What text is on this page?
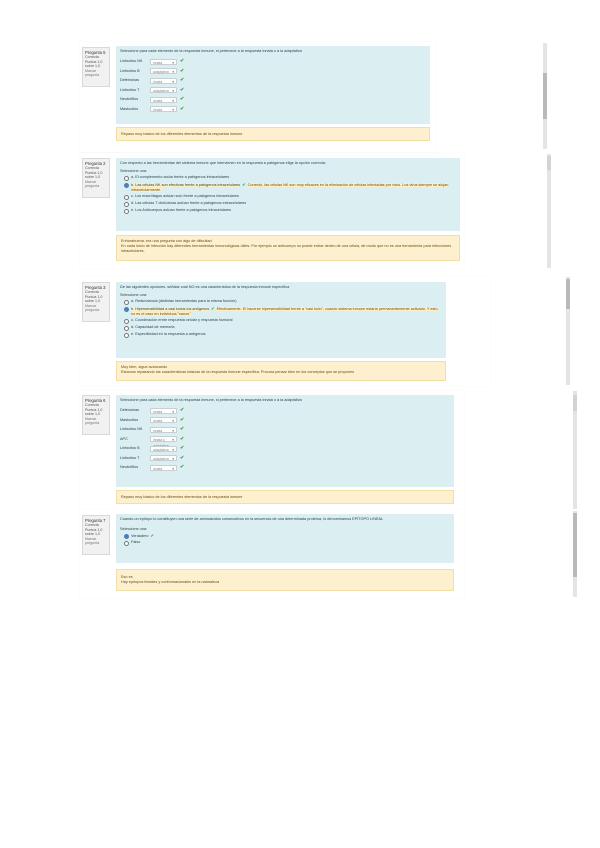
Pregunta 5
Correcta
Puntúa 1,0 sobre 1,0
Marcar pregunta
Seleccione para cada elemento de la respuesta inmune, si pertenece a la respuesta innata o a la adaptativa
Linfocitos NK	innata	▾ ✔
Linfocitos B	adaptativa ▾ ✔
Defensinas	innata	▾ ✔
Linfocitos T	adaptativa ▾ ✔
Neutrófilos	innata	▾ ✔
Mastocitos	innata	▾ ✔
Repaso muy básico de los diferentes elementos de la respuesta inmune
Pregunta 2
Correcta
Puntúa 1,0 sobre 1,0
Marcar pregunta
Con respecto a las herramientas del sistema inmune que intervienen en la respuesta a patógenos elige la opción correcta:
Seleccione una:
a. El complemento actúa frente a patógenos intracelulares
b. Las células NK son efectivas frente a patógenos intracelulares ✔ Correcto, las células NK son muy eficaces en la eliminación de células infectadas por virus. Los virus siempre se alojan intracelularmente.
c. Los macrófagos actúan solo frente a patógenos intracelulares
d. Las células T citotóxicas actúan frente a patógenos extracelulares
e. Los Anticuerpos actúan frente a patógenos intracelulares
Enhorabuena, era una pregunta con algo de dificultad
En cada inicio de infección hay diferentes herramientas inmunológicas útiles. Por ejemplo un anticuerpo no puede entrar dentro de una célula, de modo que no es una herramienta para infecciones intracelulares.
Pregunta 3
Correcta
Puntúa 1,0 sobre 1,0
Marcar pregunta
De las siguientes opciones, señalar cual NO es una característica de la respuesta inmune específica
Seleccione una:
a. Redundancia (distintas herramientas para la misma función)
b. Hipersensibilidad a casi todos los antígenos ✔ Efectivamente. El hacerse hipersensibilidad frente a "casi todo", cuando sistema inmune estaría permanentemente activado. Y esto no es el caso en individuos "sanos"
c. Coordinación entre respuesta celular y respuesta humoral
d. Capacidad de memoria
e. Especificidad en la respuesta a antígenos
Muy bien, sigue avanzando
Estamos repasando las características básicas de la respuesta inmune específica. Procura pensar bien en los conceptos que se proponen
Pregunta 6
Correcta
Puntúa 1,0 sobre 1,0
Marcar pregunta
Seleccione para cada elemento de la respuesta inmune, si pertenece a la respuesta innata o a la adaptativa
Defensinas	innata	▾ ✔
Mastocitos	innata	▾ ✔
Linfocitos NK	innata	▾ ✔
APC	innata y ▾ ✔
Linfocitos B	adaptativa ▾ ✔
Linfocitos T	adaptativa ▾ ✔
Neutrófilos	innata	▾ ✔
Repaso muy básico de los diferentes elementos de la respuesta inmune
Pregunta 7
Correcta
Puntúa 1,0 sobre 1,0
Marcar pregunta
Cuando un epítopo lo constituyen una serie de aminoácidos consecutivos en la secuencia de una determinada proteína, lo denominamos EPÍTOPO LINEAL
Seleccione una:
Verdadero ✔
Falso
Eso es
Hay epítopos lineales y conformacionales en la naturaleza
